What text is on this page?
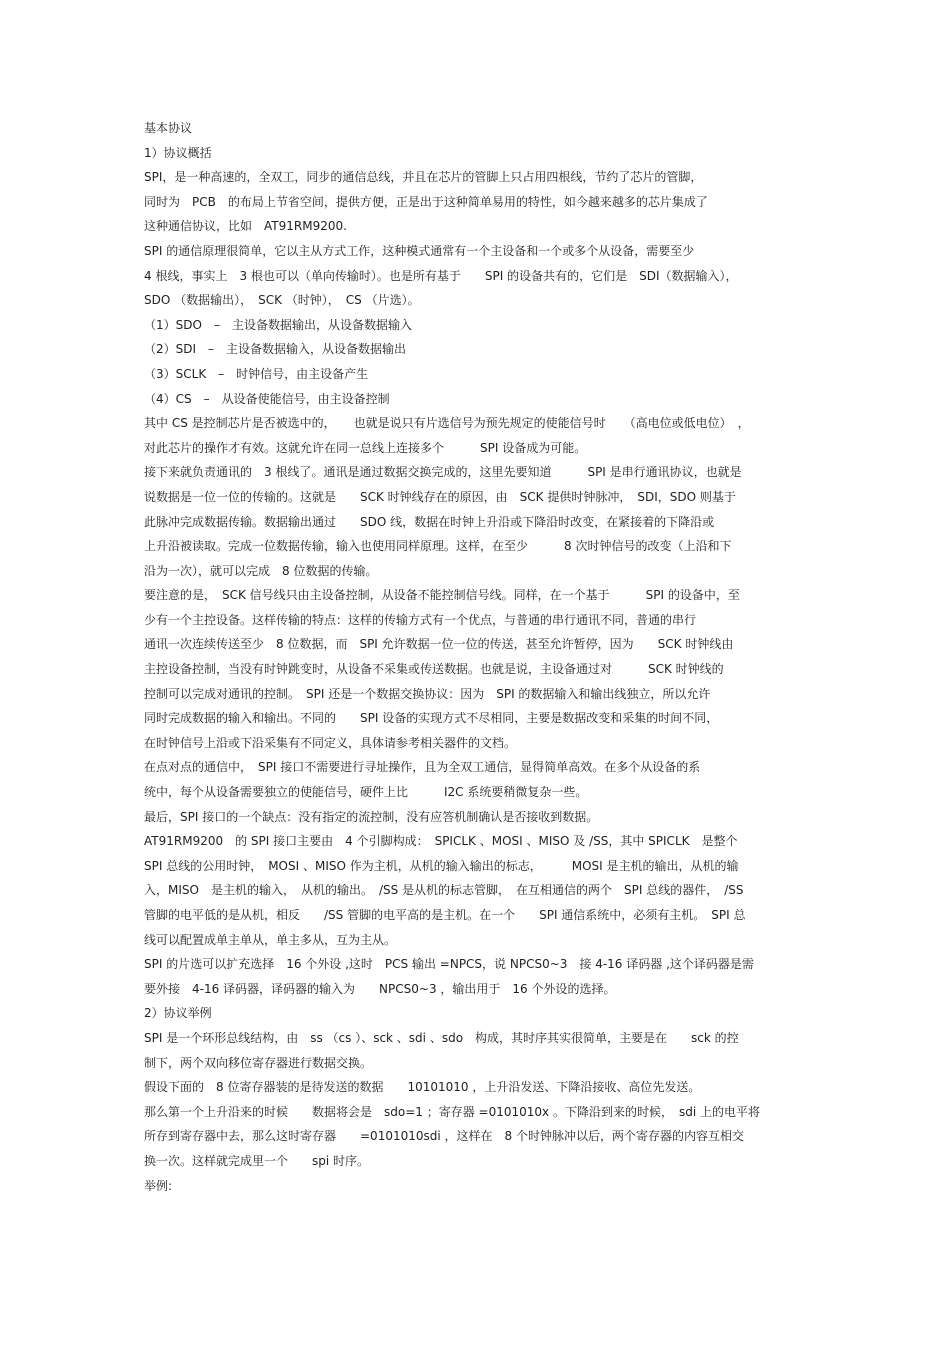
基本协议
1）协议概括
SPI，是一种高速的，全双工，同步的通信总线，并且在芯片的管脚上只占用四根线，节约了芯片的管脚，
同时为　PCB　的布局上节省空间，提供方便，正是出于这种简单易用的特性，如今越来越多的芯片集成了
这种通信协议，比如　AT91RM9200.
SPI 的通信原理很简单，它以主从方式工作，这种模式通常有一个主设备和一个或多个从设备，需要至少
4 根线，事实上　3 根也可以（单向传输时）。也是所有基于　　SPI 的设备共有的，它们是　SDI（数据输入），
SDO （数据输出），　SCK （时钟），　CS （片选）。
（1）SDO　–　主设备数据输出，从设备数据输入
（2）SDI　–　主设备数据输入，从设备数据输出
（3）SCLK　–　时钟信号，由主设备产生
（4）CS　–　从设备使能信号，由主设备控制
其中 CS 是控制芯片是否被选中的，　　也就是说只有片选信号为预先规定的使能信号时　　（高电位或低电位）　，
对此芯片的操作才有效。这就允许在同一总线上连接多个　　　SPI 设备成为可能。
接下来就负责通讯的　3 根线了。通讯是通过数据交换完成的，这里先要知道　　　SPI 是串行通讯协议，也就是
说数据是一位一位的传输的。这就是　　SCK 时钟线存在的原因，由　SCK 提供时钟脉冲，　SDI，SDO 则基于
此脉冲完成数据传输。数据输出通过　　SDO 线，数据在时钟上升沿或下降沿时改变，在紧接着的下降沿或
上升沿被读取。完成一位数据传输，输入也使用同样原理。这样，在至少　　　8 次时钟信号的改变（上沿和下
沿为一次），就可以完成　8 位数据的传输。
要注意的是，　SCK 信号线只由主设备控制，从设备不能控制信号线。同样，在一个基于　　　SPI 的设备中，至
少有一个主控设备。这样传输的特点：这样的传输方式有一个优点，与普通的串行通讯不同，普通的串行
通讯一次连续传送至少　8 位数据，而　SPI 允许数据一位一位的传送，甚至允许暂停，因为　　SCK 时钟线由
主控设备控制，当没有时钟跳变时，从设备不采集或传送数据。也就是说，主设备通过对　　　SCK 时钟线的
控制可以完成对通讯的控制。　SPI 还是一个数据交换协议：因为　SPI 的数据输入和输出线独立，所以允许
同时完成数据的输入和输出。不同的　　SPI 设备的实现方式不尽相同，主要是数据改变和采集的时间不同，
在时钟信号上沿或下沿采集有不同定义，具体请参考相关器件的文档。
在点对点的通信中，　SPI 接口不需要进行寻址操作，且为全双工通信，显得简单高效。在多个从设备的系
统中，每个从设备需要独立的使能信号，硬件上比　　　I2C 系统要稍微复杂一些。
最后，SPI 接口的一个缺点：没有指定的流控制，没有应答机制确认是否接收到数据。
AT91RM9200　的 SPI 接口主要由　4 个引脚构成：　SPICLK 、MOSI 、MISO 及 /SS，其中 SPICLK　是整个
SPI 总线的公用时钟，　MOSI 、MISO 作为主机，从机的输入输出的标志，　　　MOSI 是主机的输出，从机的输
入，MISO　是主机的输入，　从机的输出。　/SS 是从机的标志管脚，　在互相通信的两个　SPI 总线的器件，　/SS
管脚的电平低的是从机，相反　　/SS 管脚的电平高的是主机。在一个　　SPI 通信系统中，必须有主机。　SPI 总
线可以配置成单主单从，单主多从，互为主从。
SPI 的片选可以扩充选择　16 个外设 ,这时　PCS 输出 =NPCS，说 NPCS0~3　接 4-16 译码器 ,这个译码器是需
要外接　4-16 译码器，译码器的输入为　　NPCS0~3 ，输出用于　16 个外设的选择。
2）协议举例
SPI 是一个环形总线结构，由　ss （cs ）、sck 、sdi 、sdo　构成，其时序其实很简单，主要是在　　sck 的控
制下，两个双向移位寄存器进行数据交换。
假设下面的　8 位寄存器装的是待发送的数据　　10101010 ，上升沿发送、下降沿接收、高位先发送。
那么第一个上升沿来的时候　　数据将会是　sdo=1 ；寄存器 =0101010x 。下降沿到来的时候，　sdi 上的电平将
所存到寄存器中去，那么这时寄存器　　=0101010sdi ，这样在　8 个时钟脉冲以后，两个寄存器的内容互相交
换一次。这样就完成里一个　　spi 时序。
举例:
